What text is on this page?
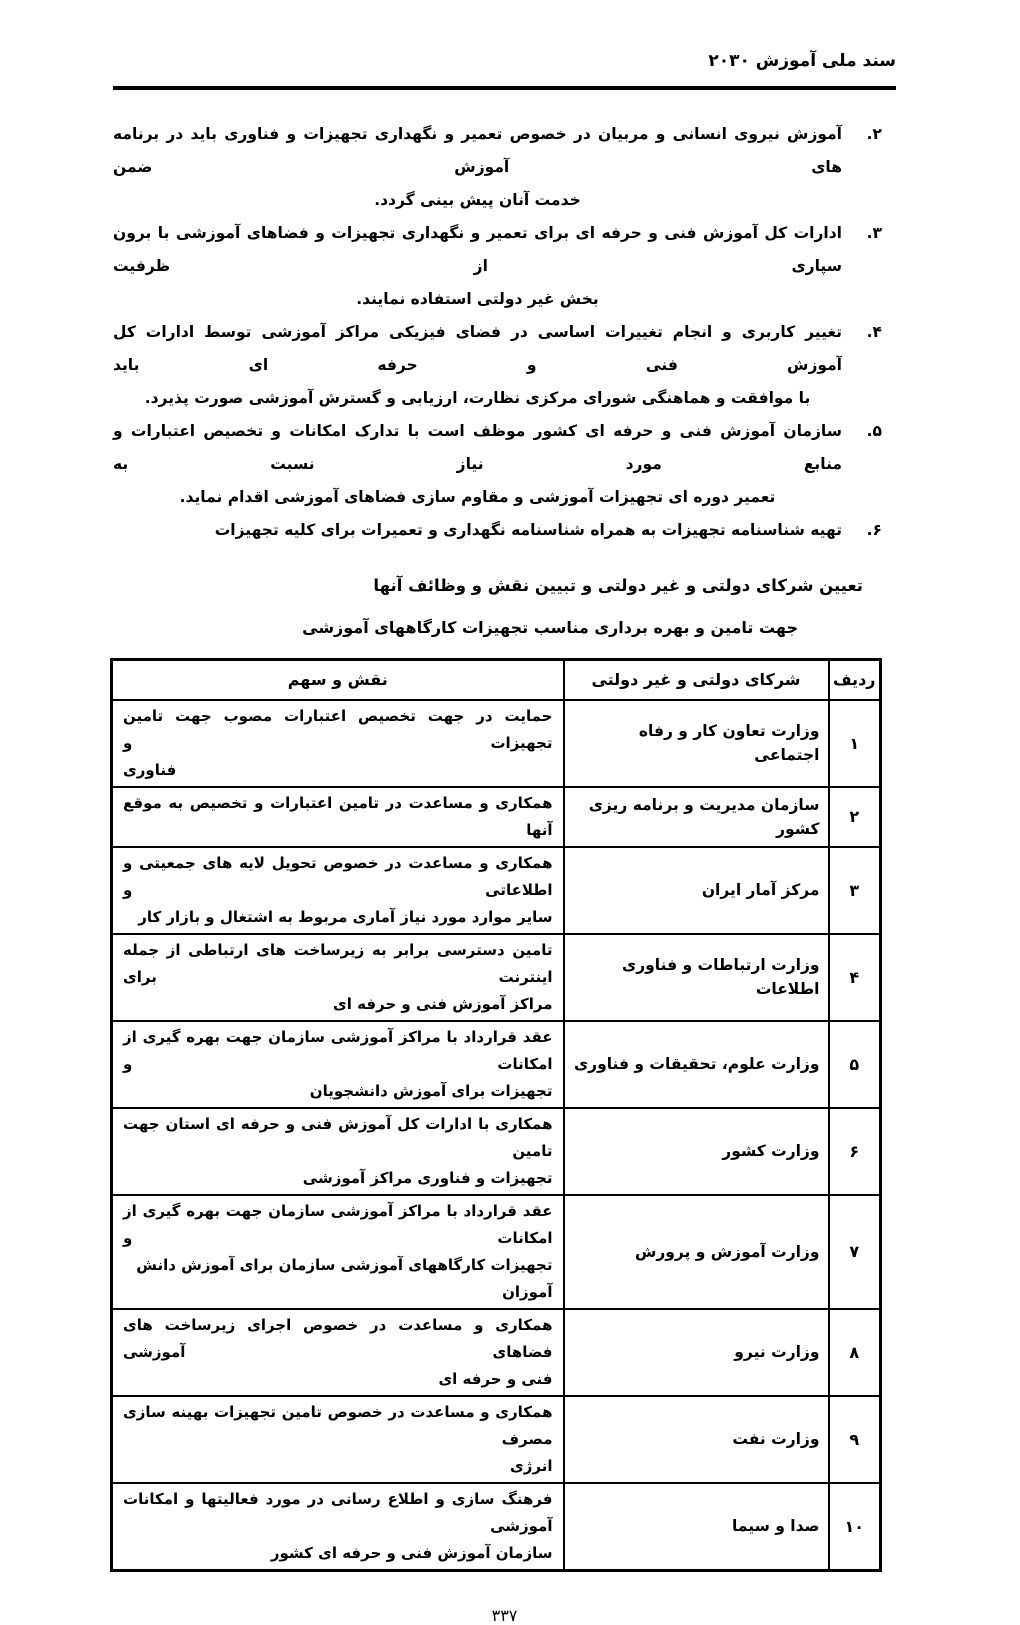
سند ملی آموزش ۲۰۳۰
۲.
آموزش نیروی انسانی و مربیان در خصوص تعمیر و نگهداری تجهیزات و فناوری باید در برنامه های آموزش ضمن
خدمت آنان پیش بینی گردد.
۳.
ادارات کل آموزش فنی و حرفه ای برای تعمیر و نگهداری تجهیزات و فضاهای آموزشی با برون سپاری از ظرفیت
بخش غیر دولتی استفاده نمایند.
۴.
تغییر کاربری و انجام تغییرات اساسی در فضای فیزیکی مراکز آموزشی توسط ادارات کل آموزش فنی و حرفه ای باید
با موافقت و هماهنگی شورای مرکزی نظارت، ارزیابی و گسترش آموزشی صورت پذیرد.
۵.
سازمان آموزش فنی و حرفه ای کشور موظف است با تدارک امکانات و تخصیص اعتبارات و منابع مورد نیاز نسبت به
تعمیر دوره ای تجهیزات آموزشی و مقاوم سازی فضاهای آموزشی اقدام نماید.
۶.
تهیه شناسنامه تجهیزات به همراه شناسنامه نگهداری و تعمیرات برای کلیه تجهیزات
تعیین شرکای دولتی و غیر دولتی و تبیین نقش و وظائف آنها
جهت تامین و بهره برداری مناسب تجهیزات کارگاههای آموزشی
ردیف	شرکای دولتی و غیر دولتی	نقش و سهم
۱	وزارت تعاون کار و رفاه اجتماعی	حمایت در جهت تخصیص اعتبارات مصوب جهت تامین تجهیزات و
فناوری

۲	سازمان مدیریت و برنامه ریزی کشور	همکاری و مساعدت در تامین اعتبارات و تخصیص به موقع آنها

۳	مرکز آمار ایران	همکاری و مساعدت در خصوص تحویل لایه های جمعیتی و اطلاعاتی و
سایر موارد مورد نیاز آماری مربوط به اشتغال و بازار کار

۴	وزارت ارتباطات و فناوری اطلاعات	تامین دسترسی برابر به زیرساخت های ارتباطی از جمله اینترنت برای
مراکز آموزش فنی و حرفه ای

۵	وزارت علوم، تحقیقات و فناوری	عقد قرارداد با مراکز آموزشی سازمان جهت بهره گیری از امکانات و
تجهیزات برای آموزش دانشجویان

۶	وزارت کشور	همکاری با ادارات کل آموزش فنی و حرفه ای استان جهت تامین
تجهیزات و فناوری مراکز آموزشی

۷	وزارت آموزش و پرورش	عقد قرارداد با مراکز آموزشی سازمان جهت بهره گیری از امکانات و
تجهیزات کارگاههای آموزشی سازمان برای آموزش دانش آموزان

۸	وزارت نیرو	همکاری و مساعدت در خصوص اجرای زیرساخت های فضاهای آموزشی
فنی و حرفه ای

۹	وزارت نفت	همکاری و مساعدت در خصوص تامین تجهیزات بهینه سازی مصرف
انرژی

۱۰	صدا و سیما	فرهنگ سازی و اطلاع رسانی در مورد فعالیتها و امکانات آموزشی
سازمان آموزش فنی و حرفه ای کشور
۳۳۷
